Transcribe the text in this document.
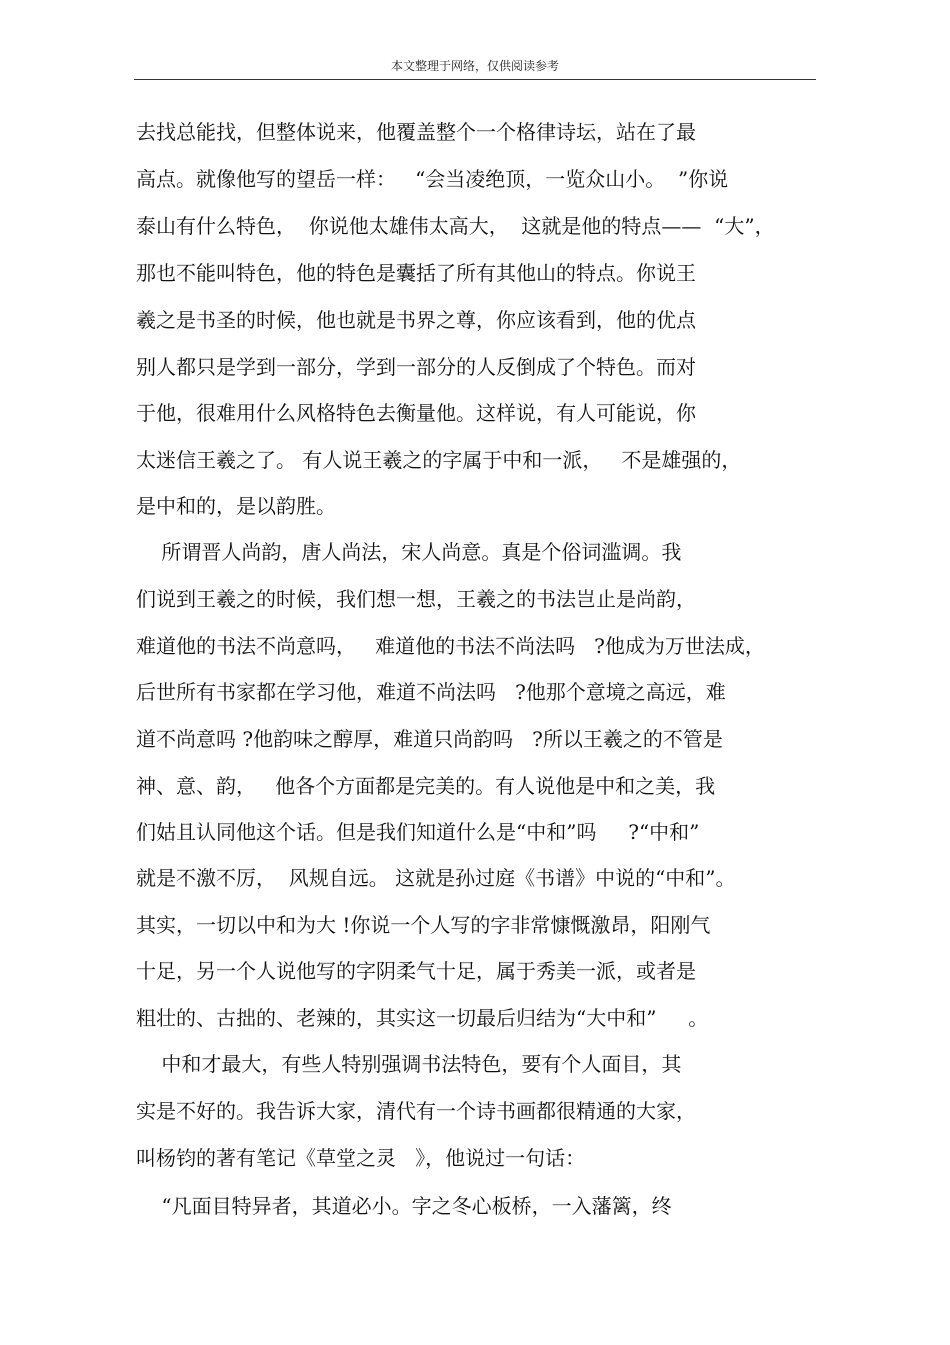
本文整理于网络，仅供阅读参考
去找总能找，但整体说来，他覆盖整个一个格律诗坛，站在了最
高点。就像他写的望岳一样：   “会当凌绝顶，一览众山小。  ”你说
泰山有什么特色，  你说他太雄伟太高大，  这就是他的特点——  “大”，
那也不能叫特色，他的特色是囊括了所有其他山的特点。你说王
羲之是书圣的时候，他也就是书界之尊，你应该看到，他的优点
别人都只是学到一部分，学到一部分的人反倒成了个特色。而对
于他，很难用什么风格特色去衡量他。这样说，有人可能说，你
太迷信王羲之了。 有人说王羲之的字属于中和一派，   不是雄强的，
是中和的，是以韵胜。
所谓晋人尚韵，唐人尚法，宋人尚意。真是个俗词滥调。我
们说到王羲之的时候，我们想一想，王羲之的书法岂止是尚韵，
难道他的书法不尚意吗，   难道他的书法不尚法吗   ?他成为万世法成，
后世所有书家都在学习他，难道不尚法吗   ?他那个意境之高远，难
道不尚意吗 ?他韵味之醇厚，难道只尚韵吗   ?所以王羲之的不管是
神、意、韵，   他各个方面都是完美的。有人说他是中和之美，我
们姑且认同他这个话。但是我们知道什么是“中和”吗     ?“中和”
就是不激不厉，  风规自远。 这就是孙过庭《书谱》中说的“中和”。
其实，一切以中和为大 !你说一个人写的字非常慷慨激昂，阳刚气
十足，另一个人说他写的字阴柔气十足，属于秀美一派，或者是
粗壮的、古拙的、老辣的，其实这一切最后归结为“大中和”     。
中和才最大，有些人特别强调书法特色，要有个人面目，其
实是不好的。我告诉大家，清代有一个诗书画都很精通的大家，
叫杨钧的著有笔记《草堂之灵   》，他说过一句话：
“凡面目特异者，其道必小。字之冬心板桥，一入藩篱，终
